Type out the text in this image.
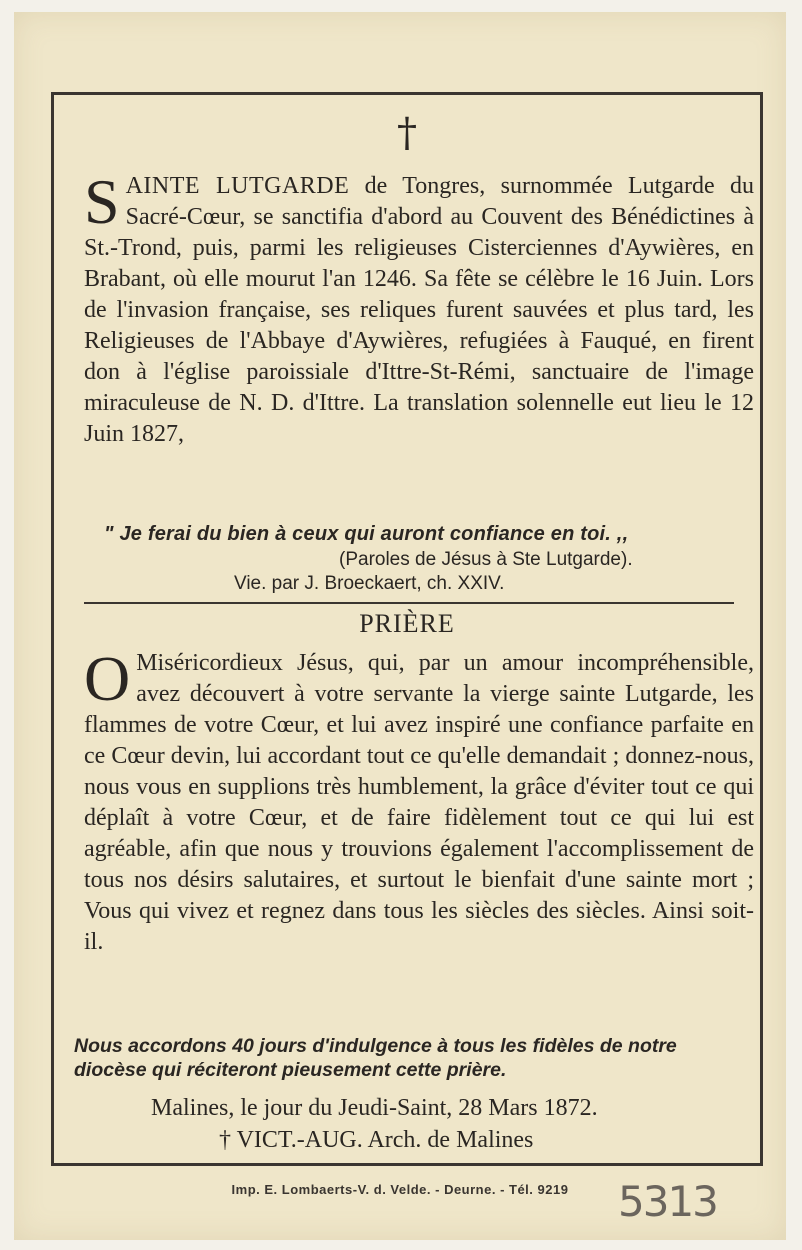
†
SAINTE LUTGARDE de Tongres, surnommée Lutgarde du Sacré-Cœur, se sanctifia d'abord au Couvent des Bénédictines à St.-Trond, puis, parmi les religieuses Cisterciennes d'Aywières, en Brabant, où elle mourut l'an 1246. Sa fête se célèbre le 16 Juin. Lors de l'invasion française, ses reliques furent sauvées et plus tard, les Religieuses de l'Abbaye d'Aywières, refugiées à Fauqué, en firent don à l'église paroissiale d'Ittre-St-Rémi, sanctuaire de l'image miraculeuse de N. D. d'Ittre. La translation solennelle eut lieu le 12 Juin 1827,
" Je ferai du bien à ceux qui auront confiance en toi. ,,
(Paroles de Jésus à Ste Lutgarde).
Vie. par J. Broeckaert, ch. XXIV.
PRIÈRE
O Miséricordieux Jésus, qui, par un amour incompréhensible, avez découvert à votre servante la vierge sainte Lutgarde, les flammes de votre Cœur, et lui avez inspiré une confiance parfaite en ce Cœur devin, lui accordant tout ce qu'elle demandait ; donnez-nous, nous vous en supplions très humblement, la grâce d'éviter tout ce qui déplaît à votre Cœur, et de faire fidèlement tout ce qui lui est agréable, afin que nous y trouvions également l'accomplissement de tous nos désirs salutaires, et surtout le bienfait d'une sainte mort ; Vous qui vivez et regnez dans tous les siècles des siècles. Ainsi soit-il.
Nous accordons 40 jours d'indulgence à tous les fidèles de notre diocèse qui réciteront pieusement cette prière.
Malines, le jour du Jeudi-Saint, 28 Mars 1872.
† VICT.-AUG. Arch. de Malines
Imp. E. Lombaerts-V. d. Velde. - Deurne. - Tél. 9219	5313
